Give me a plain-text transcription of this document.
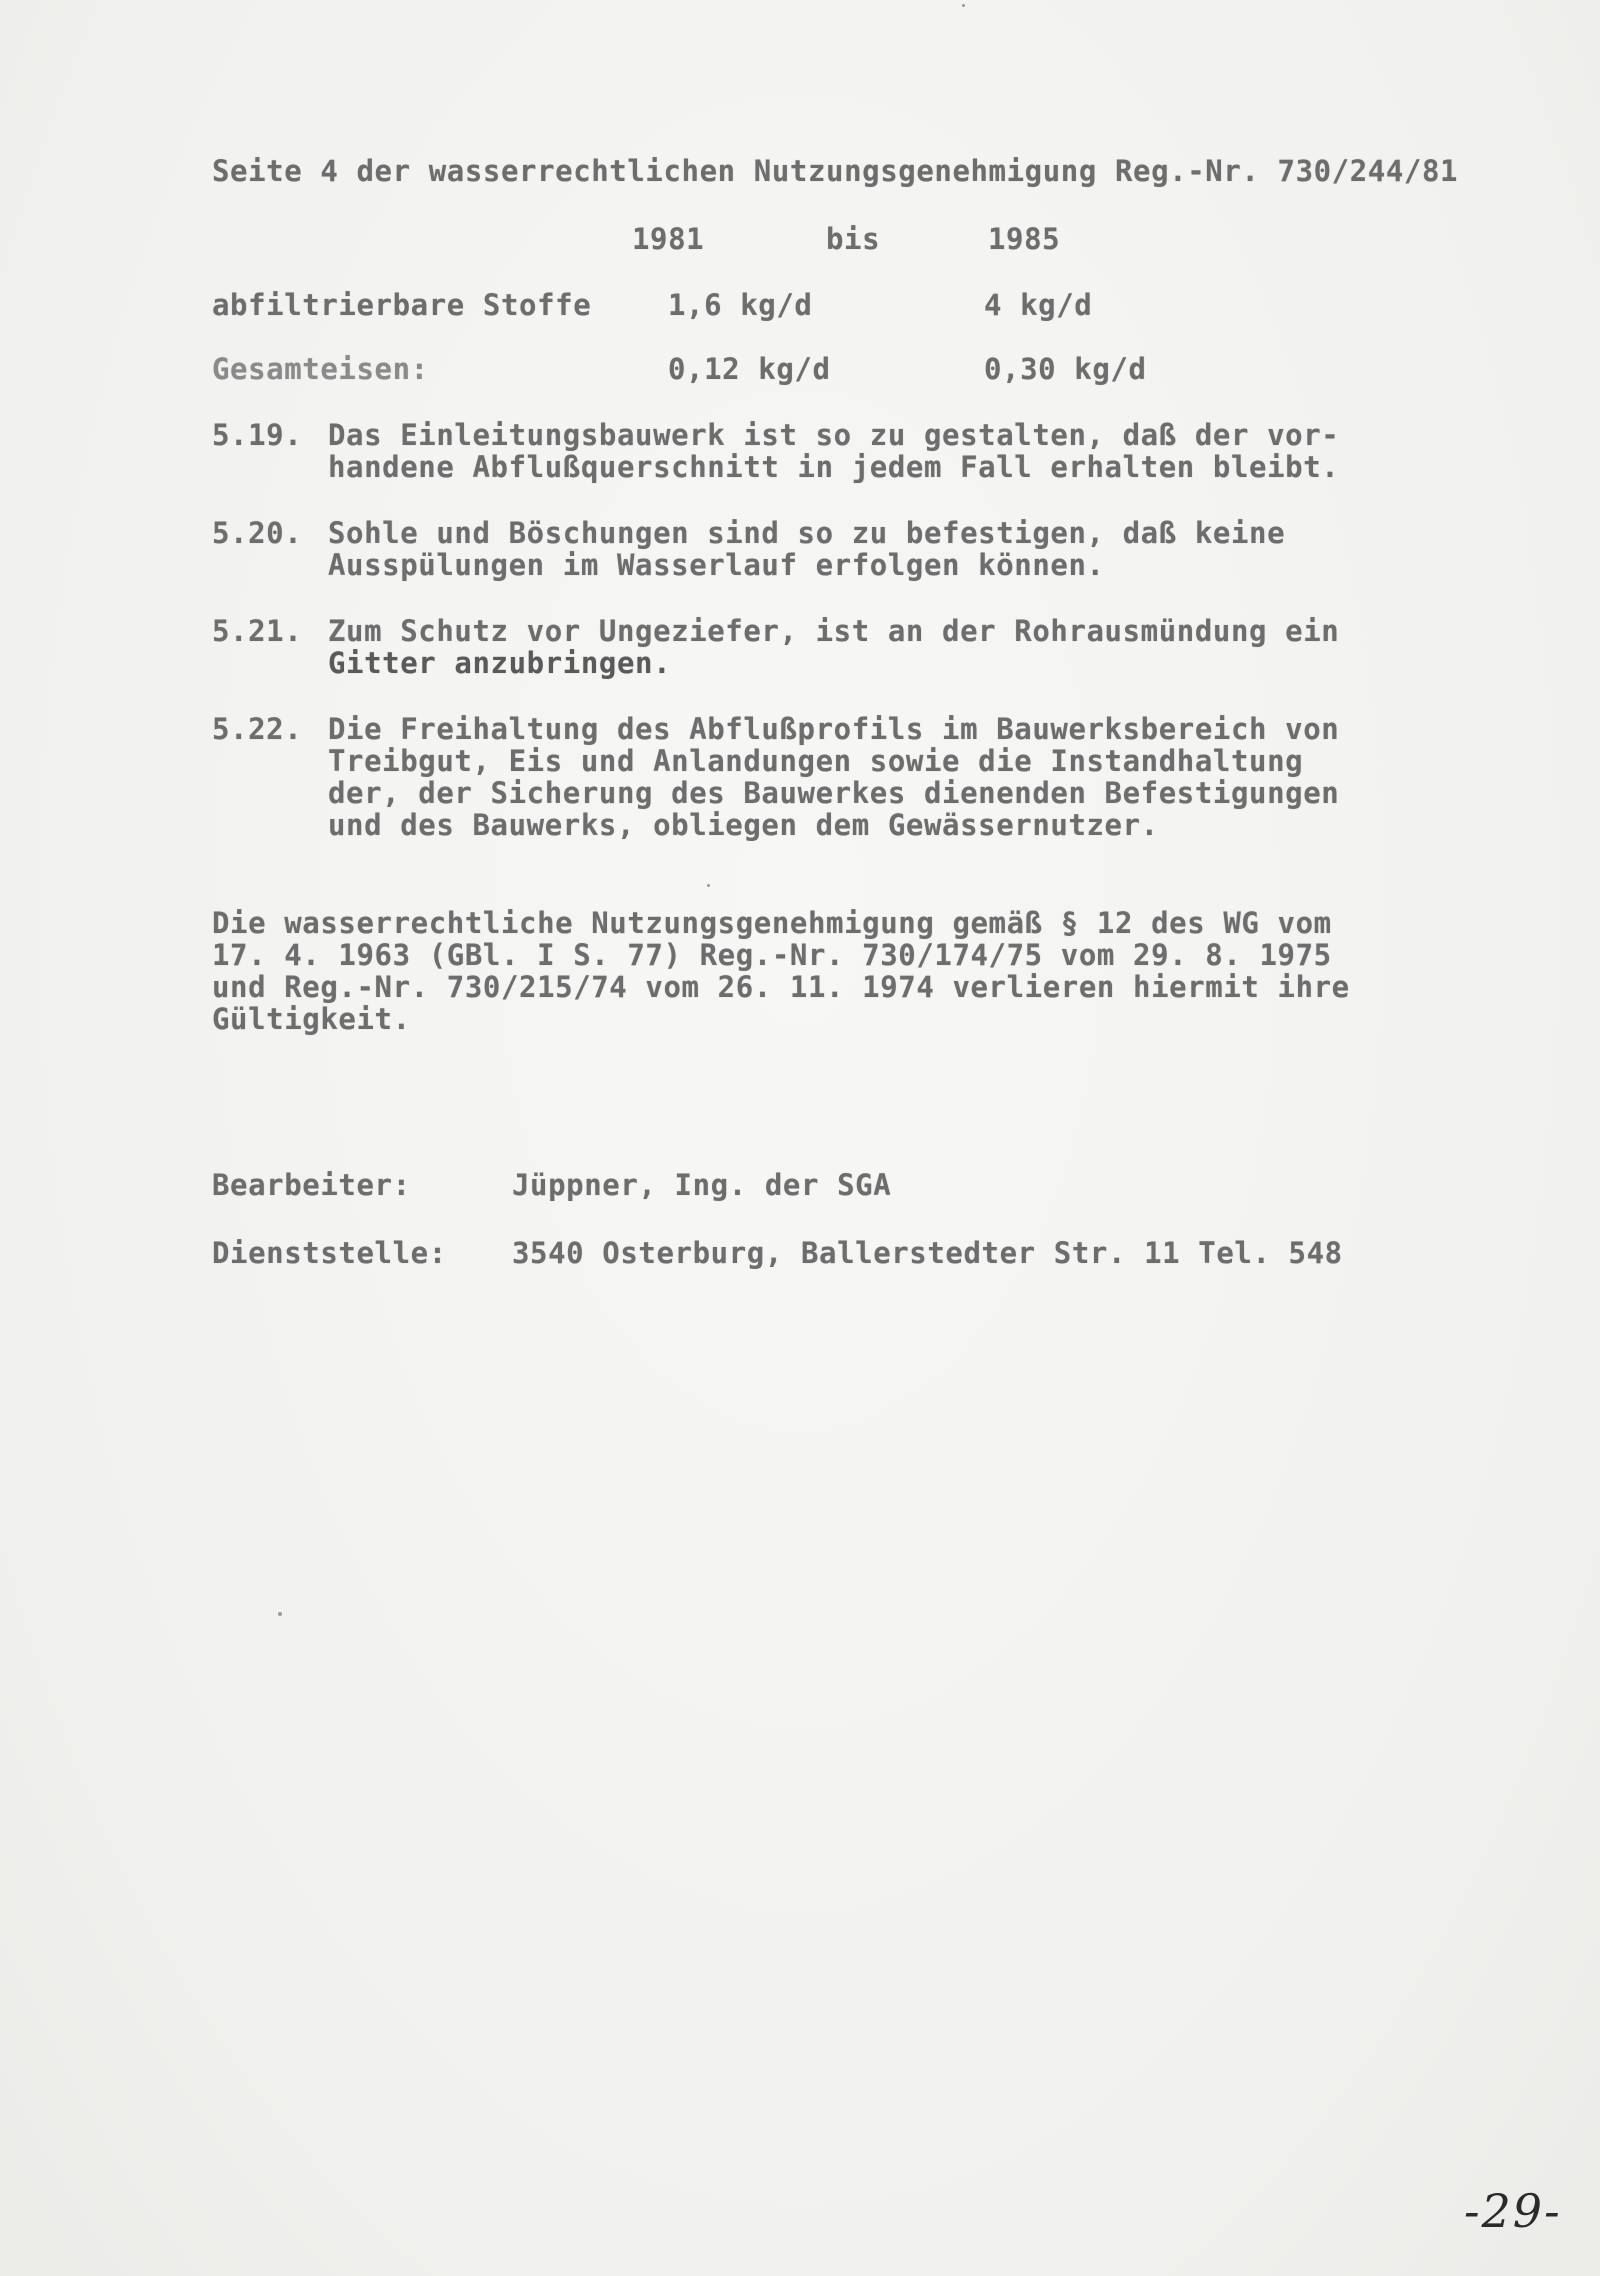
Seite 4 der wasserrechtlichen Nutzungsgenehmigung Reg.-Nr. 730/244/81
1981	bis	1985
abfiltrierbare Stoffe	1,6 kg/d	4 kg/d
Gesamteisen:	0,12 kg/d	0,30 kg/d
5.19. Das Einleitungsbauwerk ist so zu gestalten, daß der vor-
handene Abflußquerschnitt in jedem Fall erhalten bleibt.
5.20. Sohle und Böschungen sind so zu befestigen, daß keine
Ausspülungen im Wasserlauf erfolgen können.
5.21. Zum Schutz vor Ungeziefer, ist an der Rohrausmündung ein
Gitter anzubringen.
5.22. Die Freihaltung des Abflußprofils im Bauwerksbereich von
Treibgut, Eis und Anlandungen sowie die Instandhaltung
der, der Sicherung des Bauwerkes dienenden Befestigungen
und des Bauwerks, obliegen dem Gewässernutzer.
Die wasserrechtliche Nutzungsgenehmigung gemäß § 12 des WG vom
17. 4. 1963 (GBl. I S. 77) Reg.-Nr. 730/174/75 vom 29. 8. 1975
und Reg.-Nr. 730/215/74 vom 26. 11. 1974 verlieren hiermit ihre
Gültigkeit.
Bearbeiter:	Jüppner, Ing. der SGA
Dienststelle: 3540 Osterburg, Ballerstedter Str. 11 Tel. 548
-29-
